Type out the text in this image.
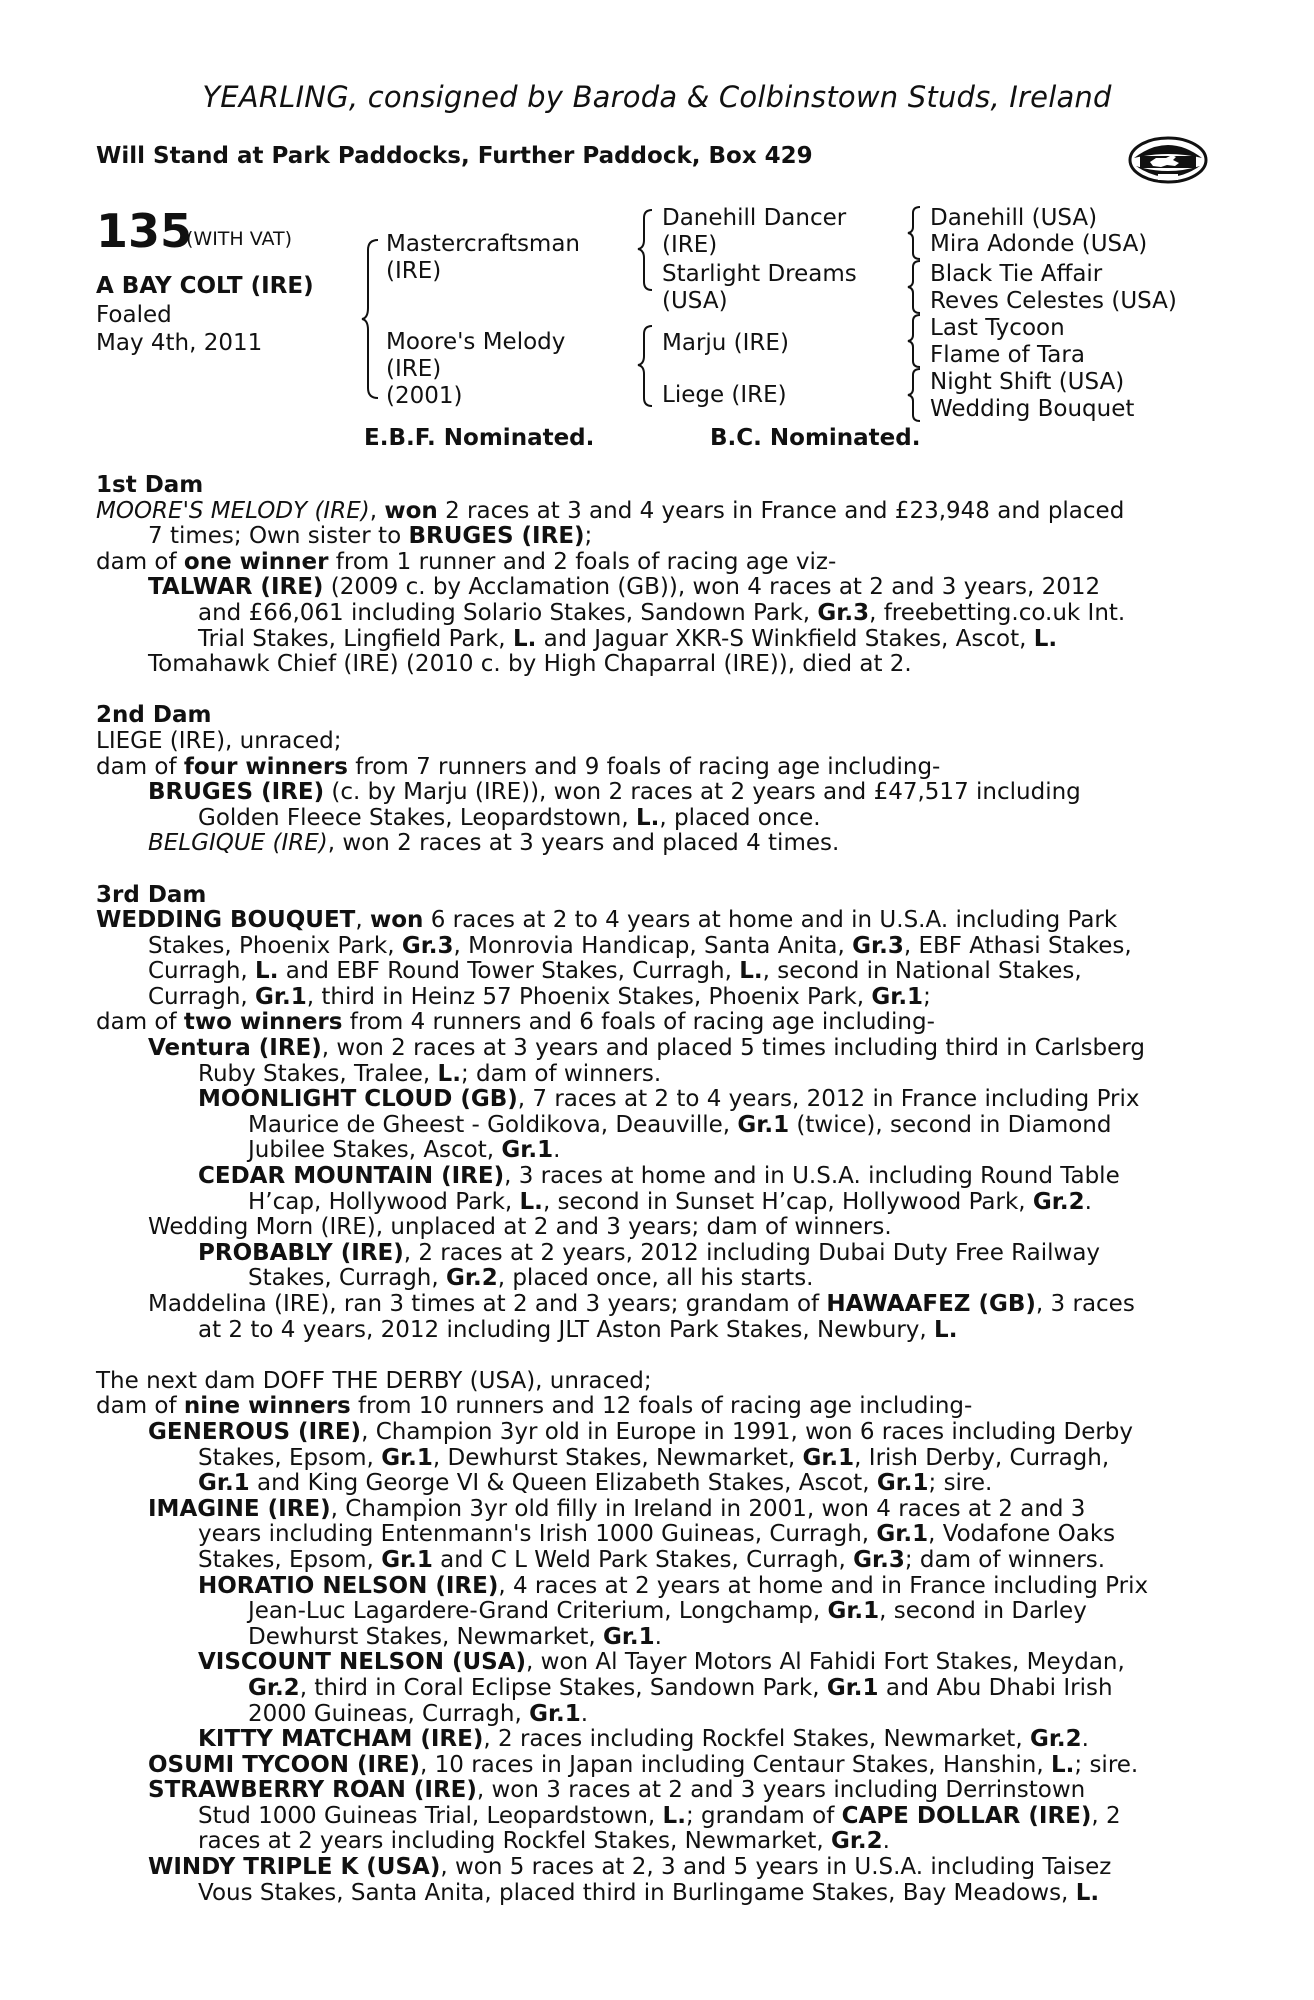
YEARLING, consigned by Baroda & Colbinstown Studs, Ireland
Will Stand at Park Paddocks, Further Paddock, Box 429
135
(WITH VAT)
A BAY COLT (IRE)
Foaled
May 4th, 2011
Mastercraftsman
(IRE)
Moore's Melody
(IRE)
(2001)
Danehill Dancer
(IRE)
Starlight Dreams
(USA)
Marju (IRE)
Liege (IRE)
Danehill (USA)
Mira Adonde (USA)
Black Tie Affair
Reves Celestes (USA)
Last Tycoon
Flame of Tara
Night Shift (USA)
Wedding Bouquet
E.B.F. Nominated.	B.C. Nominated.
1st Dam
MOORE'S MELODY (IRE), won 2 races at 3 and 4 years in France and £23,948 and placed
7 times; Own sister to BRUGES (IRE);
dam of one winner from 1 runner and 2 foals of racing age viz-
TALWAR (IRE) (2009 c. by Acclamation (GB)), won 4 races at 2 and 3 years, 2012
and £66,061 including Solario Stakes, Sandown Park, Gr.3, freebetting.co.uk Int.
Trial Stakes, Lingfield Park, L. and Jaguar XKR-S Winkfield Stakes, Ascot, L.
Tomahawk Chief (IRE) (2010 c. by High Chaparral (IRE)), died at 2.
2nd Dam
LIEGE (IRE), unraced;
dam of four winners from 7 runners and 9 foals of racing age including-
BRUGES (IRE) (c. by Marju (IRE)), won 2 races at 2 years and £47,517 including
Golden Fleece Stakes, Leopardstown, L., placed once.
BELGIQUE (IRE), won 2 races at 3 years and placed 4 times.
3rd Dam
WEDDING BOUQUET, won 6 races at 2 to 4 years at home and in U.S.A. including Park
Stakes, Phoenix Park, Gr.3, Monrovia Handicap, Santa Anita, Gr.3, EBF Athasi Stakes,
Curragh, L. and EBF Round Tower Stakes, Curragh, L., second in National Stakes,
Curragh, Gr.1, third in Heinz 57 Phoenix Stakes, Phoenix Park, Gr.1;
dam of two winners from 4 runners and 6 foals of racing age including-
Ventura (IRE), won 2 races at 3 years and placed 5 times including third in Carlsberg
Ruby Stakes, Tralee, L.; dam of winners.
MOONLIGHT CLOUD (GB), 7 races at 2 to 4 years, 2012 in France including Prix
Maurice de Gheest - Goldikova, Deauville, Gr.1 (twice), second in Diamond
Jubilee Stakes, Ascot, Gr.1.
CEDAR MOUNTAIN (IRE), 3 races at home and in U.S.A. including Round Table
H’cap, Hollywood Park, L., second in Sunset H’cap, Hollywood Park, Gr.2.
Wedding Morn (IRE), unplaced at 2 and 3 years; dam of winners.
PROBABLY (IRE), 2 races at 2 years, 2012 including Dubai Duty Free Railway
Stakes, Curragh, Gr.2, placed once, all his starts.
Maddelina (IRE), ran 3 times at 2 and 3 years; grandam of HAWAAFEZ (GB), 3 races
at 2 to 4 years, 2012 including JLT Aston Park Stakes, Newbury, L.
The next dam DOFF THE DERBY (USA), unraced;
dam of nine winners from 10 runners and 12 foals of racing age including-
GENEROUS (IRE), Champion 3yr old in Europe in 1991, won 6 races including Derby
Stakes, Epsom, Gr.1, Dewhurst Stakes, Newmarket, Gr.1, Irish Derby, Curragh,
Gr.1 and King George VI & Queen Elizabeth Stakes, Ascot, Gr.1; sire.
IMAGINE (IRE), Champion 3yr old filly in Ireland in 2001, won 4 races at 2 and 3
years including Entenmann's Irish 1000 Guineas, Curragh, Gr.1, Vodafone Oaks
Stakes, Epsom, Gr.1 and C L Weld Park Stakes, Curragh, Gr.3; dam of winners.
HORATIO NELSON (IRE), 4 races at 2 years at home and in France including Prix
Jean-Luc Lagardere-Grand Criterium, Longchamp, Gr.1, second in Darley
Dewhurst Stakes, Newmarket, Gr.1.
VISCOUNT NELSON (USA), won Al Tayer Motors Al Fahidi Fort Stakes, Meydan,
Gr.2, third in Coral Eclipse Stakes, Sandown Park, Gr.1 and Abu Dhabi Irish
2000 Guineas, Curragh, Gr.1.
KITTY MATCHAM (IRE), 2 races including Rockfel Stakes, Newmarket, Gr.2.
OSUMI TYCOON (IRE), 10 races in Japan including Centaur Stakes, Hanshin, L.; sire.
STRAWBERRY ROAN (IRE), won 3 races at 2 and 3 years including Derrinstown
Stud 1000 Guineas Trial, Leopardstown, L.; grandam of CAPE DOLLAR (IRE), 2
races at 2 years including Rockfel Stakes, Newmarket, Gr.2.
WINDY TRIPLE K (USA), won 5 races at 2, 3 and 5 years in U.S.A. including Taisez
Vous Stakes, Santa Anita, placed third in Burlingame Stakes, Bay Meadows, L.
